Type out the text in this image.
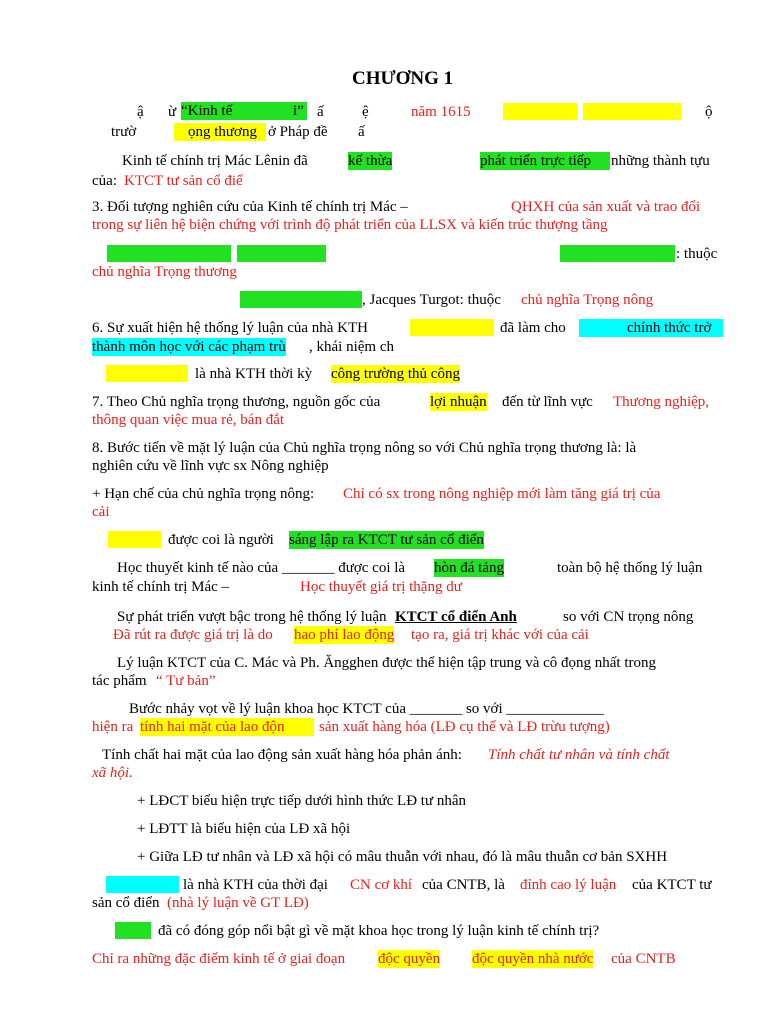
CHƯƠNG 1
ậ ừ “Kinh tế	i” ấ	ệ	năm 1615	ộ
trườ	ọng thương ở Pháp đề ấ
Kinh tế chính trị Mác Lênin đã	kế thừa	phát triển trực tiếp	những thành tựu
của: KTCT tư sản cổ điể
3. Đối tượng nghiên cứu của Kinh tế chính trị Mác –	QHXH của sản xuất và trao đổi
trong sự liên hệ biện chứng với trình độ phát triển của LLSX và kiến trúc thượng tầng
: thuộc
chủ nghĩa Trọng thương
, Jacques Turgot: thuộc chủ nghĩa Trọng nông
6. Sự xuất hiện hệ thống lý luận của nhà KTH	đã làm cho	chính thức trở
thành môn học với các phạm trù , khái niệm ch
là nhà KTH thời kỳ công trường thủ công
7. Theo Chủ nghĩa trọng thương, nguồn gốc của	lợi nhuận đến từ lĩnh vực Thương nghiệp,
thông quan việc mua rẻ, bán đắt
8. Bước tiến về mặt lý luận của Chủ nghĩa trọng nông so với Chủ nghĩa trọng thương là: là
nghiên cứu về lĩnh vực sx Nông nghiệp
+ Hạn chế của chủ nghĩa trọng nông: Chỉ có sx trong nông nghiệp mới làm tăng giá trị của
cải
được coi là người sáng lập ra KTCT tư sản cổ điển
Học thuyết kinh tế nào của _______ được coi là hòn đá tảng	toàn bộ hệ thống lý luận
kinh tế chính trị Mác –	Học thuyết giá trị thặng dư
Sự phát triển vượt bậc trong hệ thống lý luận KTCT cổ điển Anh	so với CN trọng nông
Đã rút ra được giá trị là do hao phí lao động tạo ra, giá trị khác với của cải
Lý luận KTCT của C. Mác và Ph. Ăngghen được thể hiện tập trung và cô đọng nhất trong
tác phẩm “ Tư bản”
Bước nhảy vọt về lý luận khoa học KTCT của _______ so với _____________
hiện ra tính hai mặt của lao độn	sản xuất hàng hóa (LĐ cụ thể và LĐ trừu tượng)
Tính chất hai mặt của lao động sản xuất hàng hóa phản ánh: Tính chất tư nhân và tính chất
xã hội.
+ LĐCT biểu hiện trực tiếp dưới hình thức LĐ tư nhân
+ LĐTT là biểu hiện của LĐ xã hội
+ Giữa LĐ tư nhân và LĐ xã hội có mâu thuẫn với nhau, đó là mâu thuẫn cơ bản SXHH
là nhà KTH của thời đại CN cơ khí của CNTB, là đỉnh cao lý luận của KTCT tư
sản cổ điển (nhà lý luận về GT LĐ)
đã có đóng góp nổi bật gì về mặt khoa học trong lý luận kinh tế chính trị?
Chỉ ra những đặc điểm kinh tế ở giai đoạn độc quyền độc quyền nhà nước của CNTB
